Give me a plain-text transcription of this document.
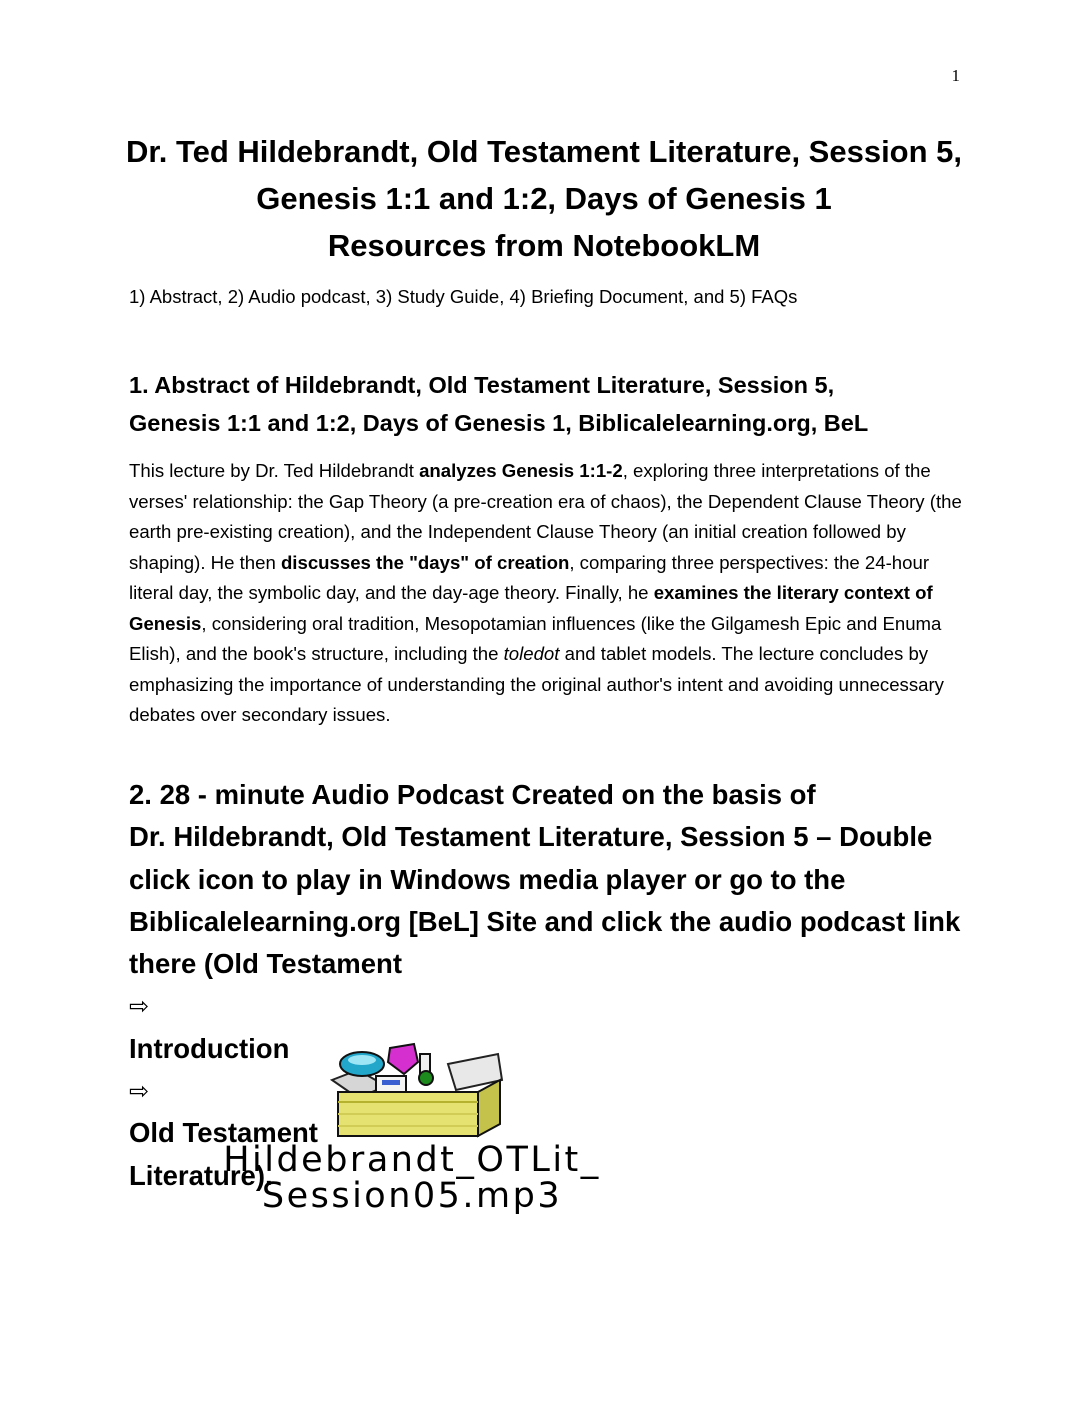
1
Dr. Ted Hildebrandt, Old Testament Literature, Session 5,
Genesis 1:1 and 1:2, Days of Genesis 1
Resources from NotebookLM

1) Abstract, 2) Audio podcast, 3) Study Guide, 4) Briefing Document, and 5) FAQs

1. Abstract of Hildebrandt, Old Testament Literature, Session 5,
Genesis 1:1 and 1:2, Days of Genesis 1, Biblicalelearning.org, BeL

This lecture by Dr. Ted Hildebrandt analyzes Genesis 1:1-2, exploring three interpretations of the verses' relationship: the Gap Theory (a pre-creation era of chaos), the Dependent Clause Theory (the earth pre-existing creation), and the Independent Clause Theory (an initial creation followed by shaping). He then discusses the "days" of creation, comparing three perspectives: the 24-hour literal day, the symbolic day, and the day-age theory. Finally, he examines the literary context of Genesis, considering oral tradition, Mesopotamian influences (like the Gilgamesh Epic and Enuma Elish), and the book's structure, including the toledot and tablet models. The lecture concludes by emphasizing the importance of understanding the original author's intent and avoiding unnecessary debates over secondary issues.

2. 28 - minute Audio Podcast Created on the basis of
Dr. Hildebrandt, Old Testament Literature, Session 5 – Double
click icon to play in Windows media player or go to the
Biblicalelearning.org [BeL] Site and click the audio podcast link
there (Old Testament
⇨
Introduction
⇨
Old Testament
Literature).
Hildebrandt_OTLit_
Session05.mp3
